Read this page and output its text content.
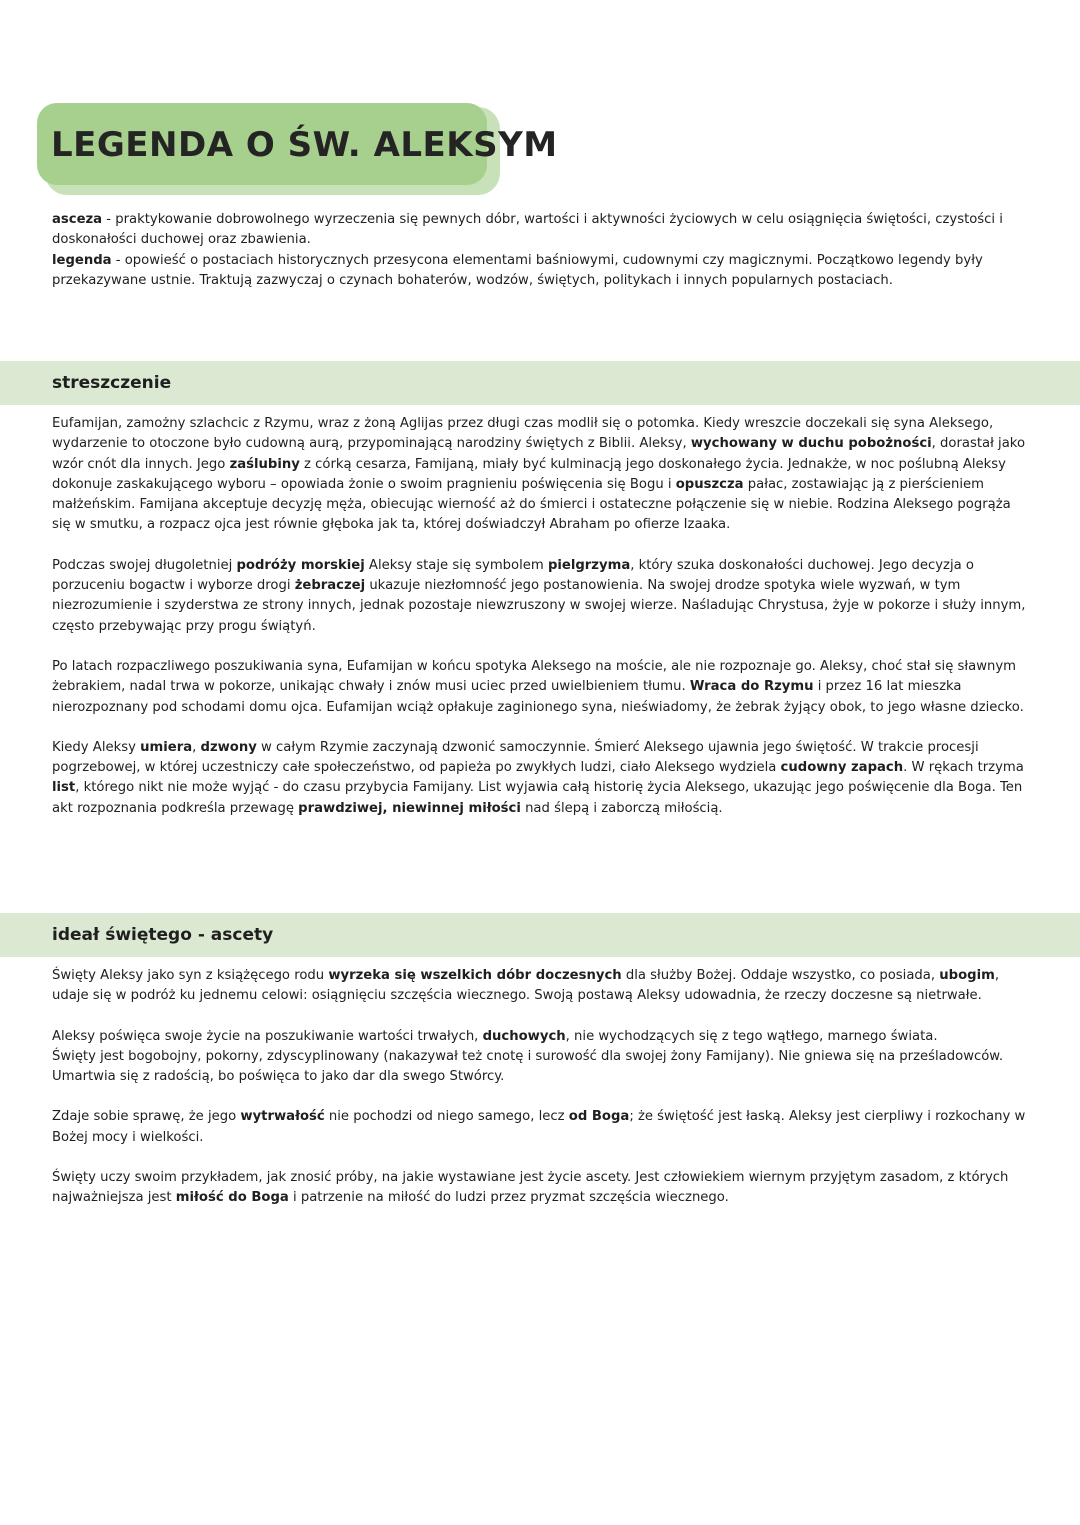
LEGENDA O ŚW. ALEKSYM

asceza - praktykowanie dobrowolnego wyrzeczenia się pewnych dóbr, wartości i aktywności życiowych w celu osiągnięcia świętości, czystości i doskonałości duchowej oraz zbawienia.

legenda - opowieść o postaciach historycznych przesycona elementami baśniowymi, cudownymi czy magicznymi. Początkowo legendy były przekazywane ustnie. Traktują zazwyczaj o czynach bohaterów, wodzów, świętych, politykach i innych popularnych postaciach.

streszczenie

Eufamijan, zamożny szlachcic z Rzymu, wraz z żoną Aglijas przez długi czas modlił się o potomka. Kiedy wreszcie doczekali się syna Aleksego, wydarzenie to otoczone było cudowną aurą, przypominającą narodziny świętych z Biblii. Aleksy, wychowany w duchu pobożności, dorastał jako wzór cnót dla innych. Jego zaślubiny z córką cesarza, Famijaną, miały być kulminacją jego doskonałego życia. Jednakże, w noc poślubną Aleksy dokonuje zaskakującego wyboru – opowiada żonie o swoim pragnieniu poświęcenia się Bogu i opuszcza pałac, zostawiając ją z pierścieniem małżeńskim. Famijana akceptuje decyzję męża, obiecując wierność aż do śmierci i ostateczne połączenie się w niebie. Rodzina Aleksego pogrąża się w smutku, a rozpacz ojca jest równie głęboka jak ta, której doświadczył Abraham po ofierze Izaaka.

Podczas swojej długoletniej podróży morskiej Aleksy staje się symbolem pielgrzyma, który szuka doskonałości duchowej. Jego decyzja o porzuceniu bogactw i wyborze drogi żebraczej ukazuje niezłomność jego postanowienia. Na swojej drodze spotyka wiele wyzwań, w tym niezrozumienie i szyderstwa ze strony innych, jednak pozostaje niewzruszony w swojej wierze. Naśladując Chrystusa, żyje w pokorze i służy innym, często przebywając przy progu świątyń.

Po latach rozpaczliwego poszukiwania syna, Eufamijan w końcu spotyka Aleksego na moście, ale nie rozpoznaje go. Aleksy, choć stał się sławnym żebrakiem, nadal trwa w pokorze, unikając chwały i znów musi uciec przed uwielbieniem tłumu. Wraca do Rzymu i przez 16 lat mieszka nierozpoznany pod schodami domu ojca. Eufamijan wciąż opłakuje zaginionego syna, nieświadomy, że żebrak żyjący obok, to jego własne dziecko.

Kiedy Aleksy umiera, dzwony w całym Rzymie zaczynają dzwonić samoczynnie. Śmierć Aleksego ujawnia jego świętość. W trakcie procesji pogrzebowej, w której uczestniczy całe społeczeństwo, od papieża po zwykłych ludzi, ciało Aleksego wydziela cudowny zapach. W rękach trzyma list, którego nikt nie może wyjąć - do czasu przybycia Famijany. List wyjawia całą historię życia Aleksego, ukazując jego poświęcenie dla Boga. Ten akt rozpoznania podkreśla przewagę prawdziwej, niewinnej miłości nad ślepą i zaborczą miłością.

ideał świętego - ascety

Święty Aleksy jako syn z książęcego rodu wyrzeka się wszelkich dóbr doczesnych dla służby Bożej. Oddaje wszystko, co posiada, ubogim, udaje się w podróż ku jednemu celowi: osiągnięciu szczęścia wiecznego. Swoją postawą Aleksy udowadnia, że rzeczy doczesne są nietrwałe.

Aleksy poświęca swoje życie na poszukiwanie wartości trwałych, duchowych, nie wychodzących się z tego wątłego, marnego świata.

Święty jest bogobojny, pokorny, zdyscyplinowany (nakazywał też cnotę i surowość dla swojej żony Famijany). Nie gniewa się na prześladowców. Umartwia się z radością, bo poświęca to jako dar dla swego Stwórcy.

Zdaje sobie sprawę, że jego wytrwałość nie pochodzi od niego samego, lecz od Boga; że świętość jest łaską. Aleksy jest cierpliwy i rozkochany w Bożej mocy i wielkości.

Święty uczy swoim przykładem, jak znosić próby, na jakie wystawiane jest życie ascety. Jest człowiekiem wiernym przyjętym zasadom, z których najważniejsza jest miłość do Boga i patrzenie na miłość do ludzi przez pryzmat szczęścia wiecznego.
